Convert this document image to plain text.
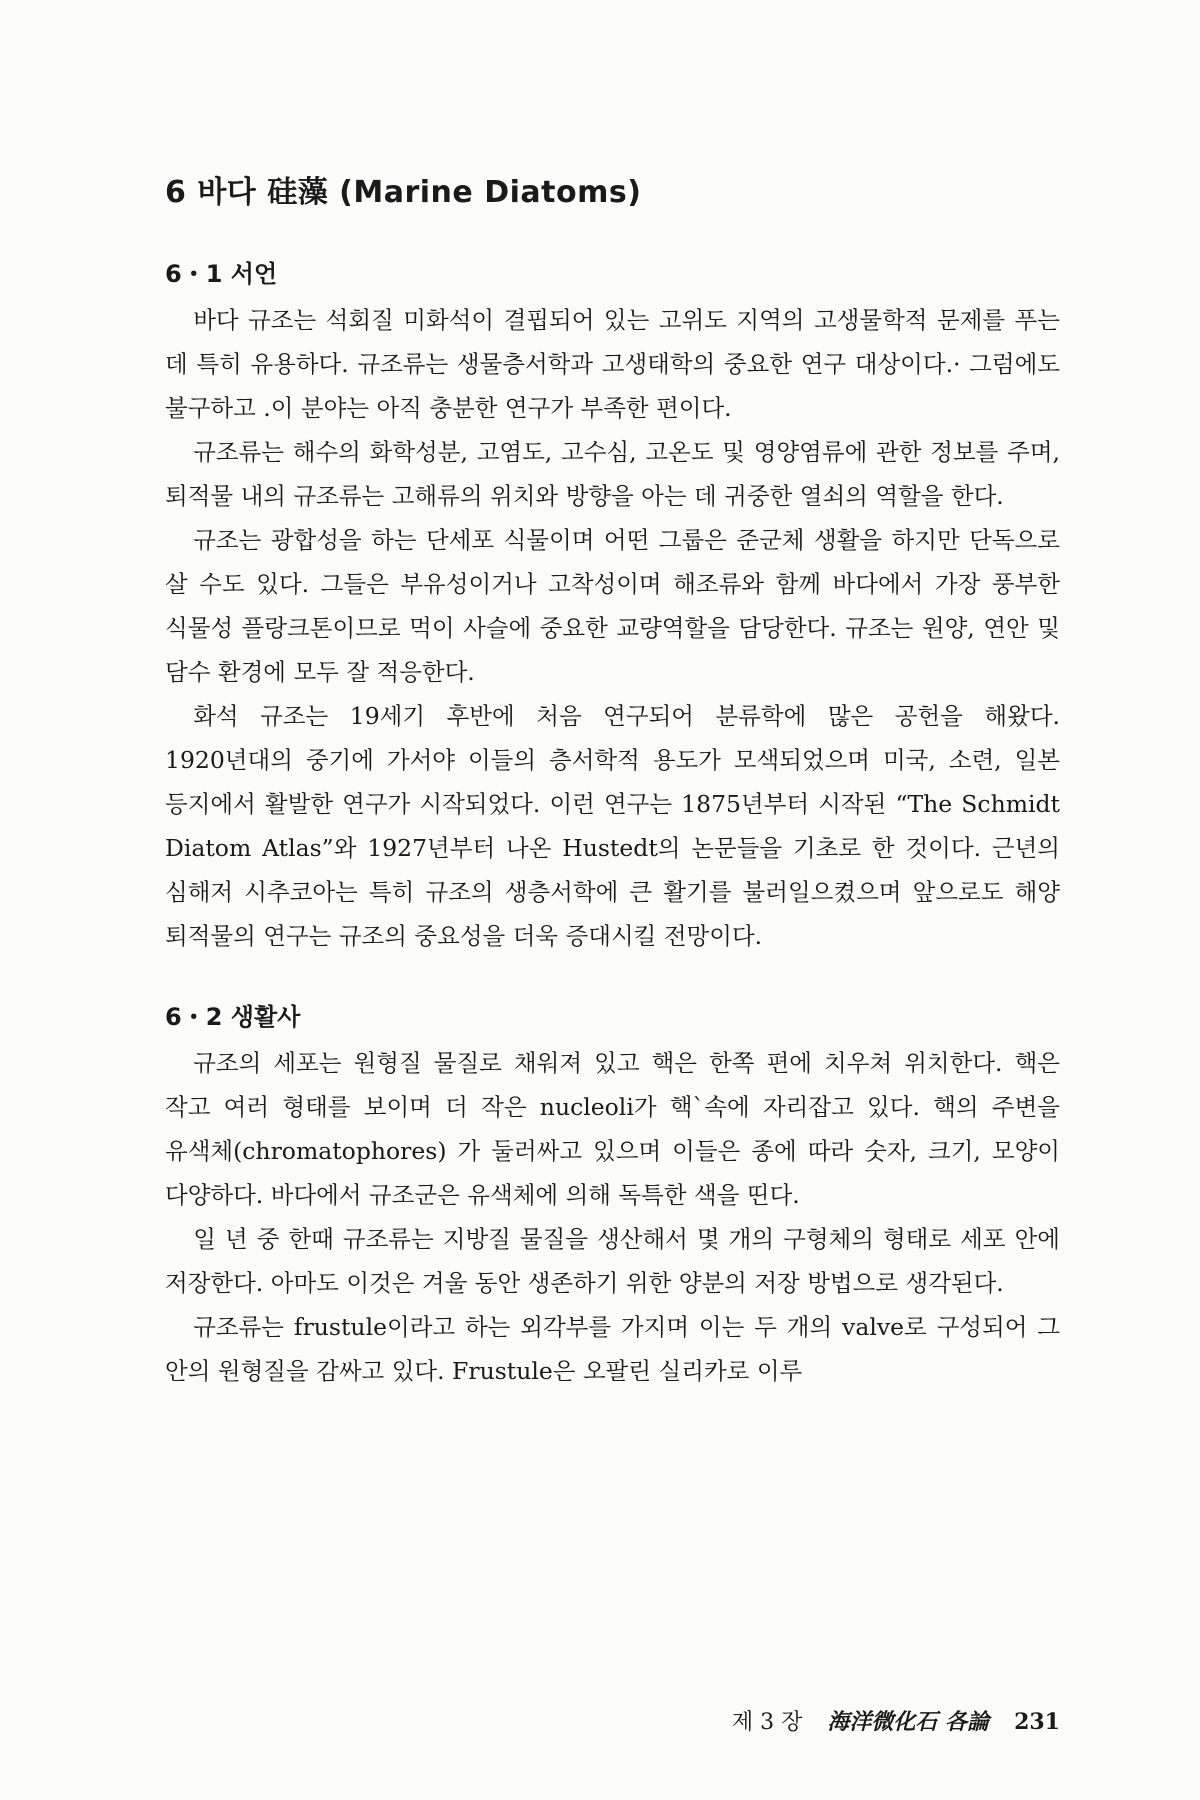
6 바다 硅藻 (Marine Diatoms)
6・1 서언

바다 규조는 석회질 미화석이 결핍되어 있는 고위도 지역의 고생물학적 문제를 푸는 데 특히 유용하다. 규조류는 생물층서학과 고생태학의 중요한 연구 대상이다.· 그럼에도 불구하고 .이 분야는 아직 충분한 연구가 부족한 편이다.

규조류는 해수의 화학성분, 고염도, 고수심, 고온도 및 영양염류에 관한 정보를 주며, 퇴적물 내의 규조류는 고해류의 위치와 방향을 아는 데 귀중한 열쇠의 역할을 한다.

규조는 광합성을 하는 단세포 식물이며 어떤 그룹은 준군체 생활을 하지만 단독으로 살 수도 있다. 그들은 부유성이거나 고착성이며 해조류와 함께 바다에서 가장 풍부한 식물성 플랑크톤이므로 먹이 사슬에 중요한 교량역할을 담당한다. 규조는 원양, 연안 및 담수 환경에 모두 잘 적응한다.

화석 규조는 19세기 후반에 처음 연구되어 분류학에 많은 공헌을 해왔다. 1920년대의 중기에 가서야 이들의 층서학적 용도가 모색되었으며 미국, 소련, 일본 등지에서 활발한 연구가 시작되었다. 이런 연구는 1875년부터 시작된 “The Schmidt Diatom Atlas”와 1927년부터 나온 Hustedt의 논문들을 기초로 한 것이다. 근년의 심해저 시추코아는 특히 규조의 생층서학에 큰 활기를 불러일으켰으며 앞으로도 해양 퇴적물의 연구는 규조의 중요성을 더욱 증대시킬 전망이다.

6・2 생활사

규조의 세포는 원형질 물질로 채워져 있고 핵은 한쪽 편에 치우쳐 위치한다. 핵은 작고 여러 형태를 보이며 더 작은 nucleoli가 핵`속에 자리잡고 있다. 핵의 주변을 유색체(chromatophores) 가 둘러싸고 있으며 이들은 종에 따라 숫자, 크기, 모양이 다양하다. 바다에서 규조군은 유색체에 의해 독특한 색을 띤다.

일 년 중 한때 규조류는 지방질 물질을 생산해서 몇 개의 구형체의 형태로 세포 안에 저장한다. 아마도 이것은 겨울 동안 생존하기 위한 양분의 저장 방법으로 생각된다.

규조류는 frustule이라고 하는 외각부를 가지며 이는 두 개의 valve로 구성되어 그 안의 원형질을 감싸고 있다. Frustule은 오팔린 실리카로 이루

제 3 장 海洋微化石 各論 231
